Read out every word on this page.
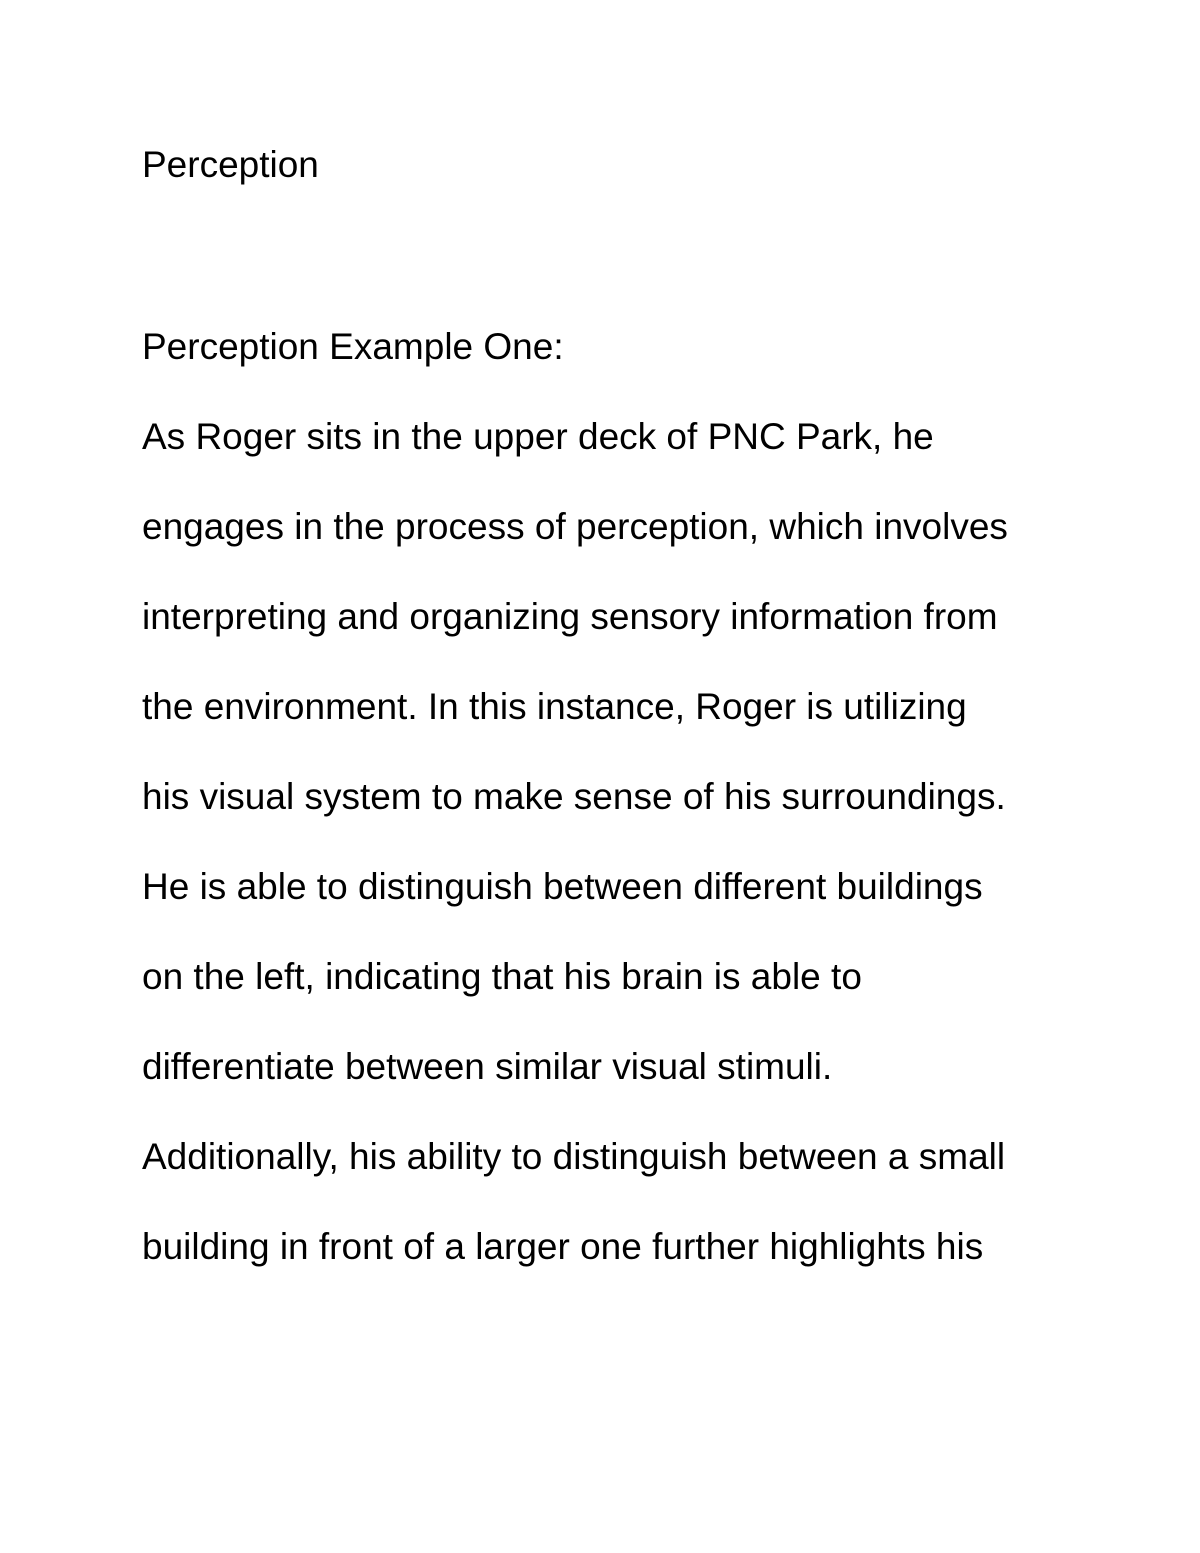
Perception
Perception Example One:
As Roger sits in the upper deck of PNC Park, he
engages in the process of perception, which involves
interpreting and organizing sensory information from
the environment. In this instance, Roger is utilizing
his visual system to make sense of his surroundings.
He is able to distinguish between different buildings
on the left, indicating that his brain is able to
differentiate between similar visual stimuli.
Additionally, his ability to distinguish between a small
building in front of a larger one further highlights his
